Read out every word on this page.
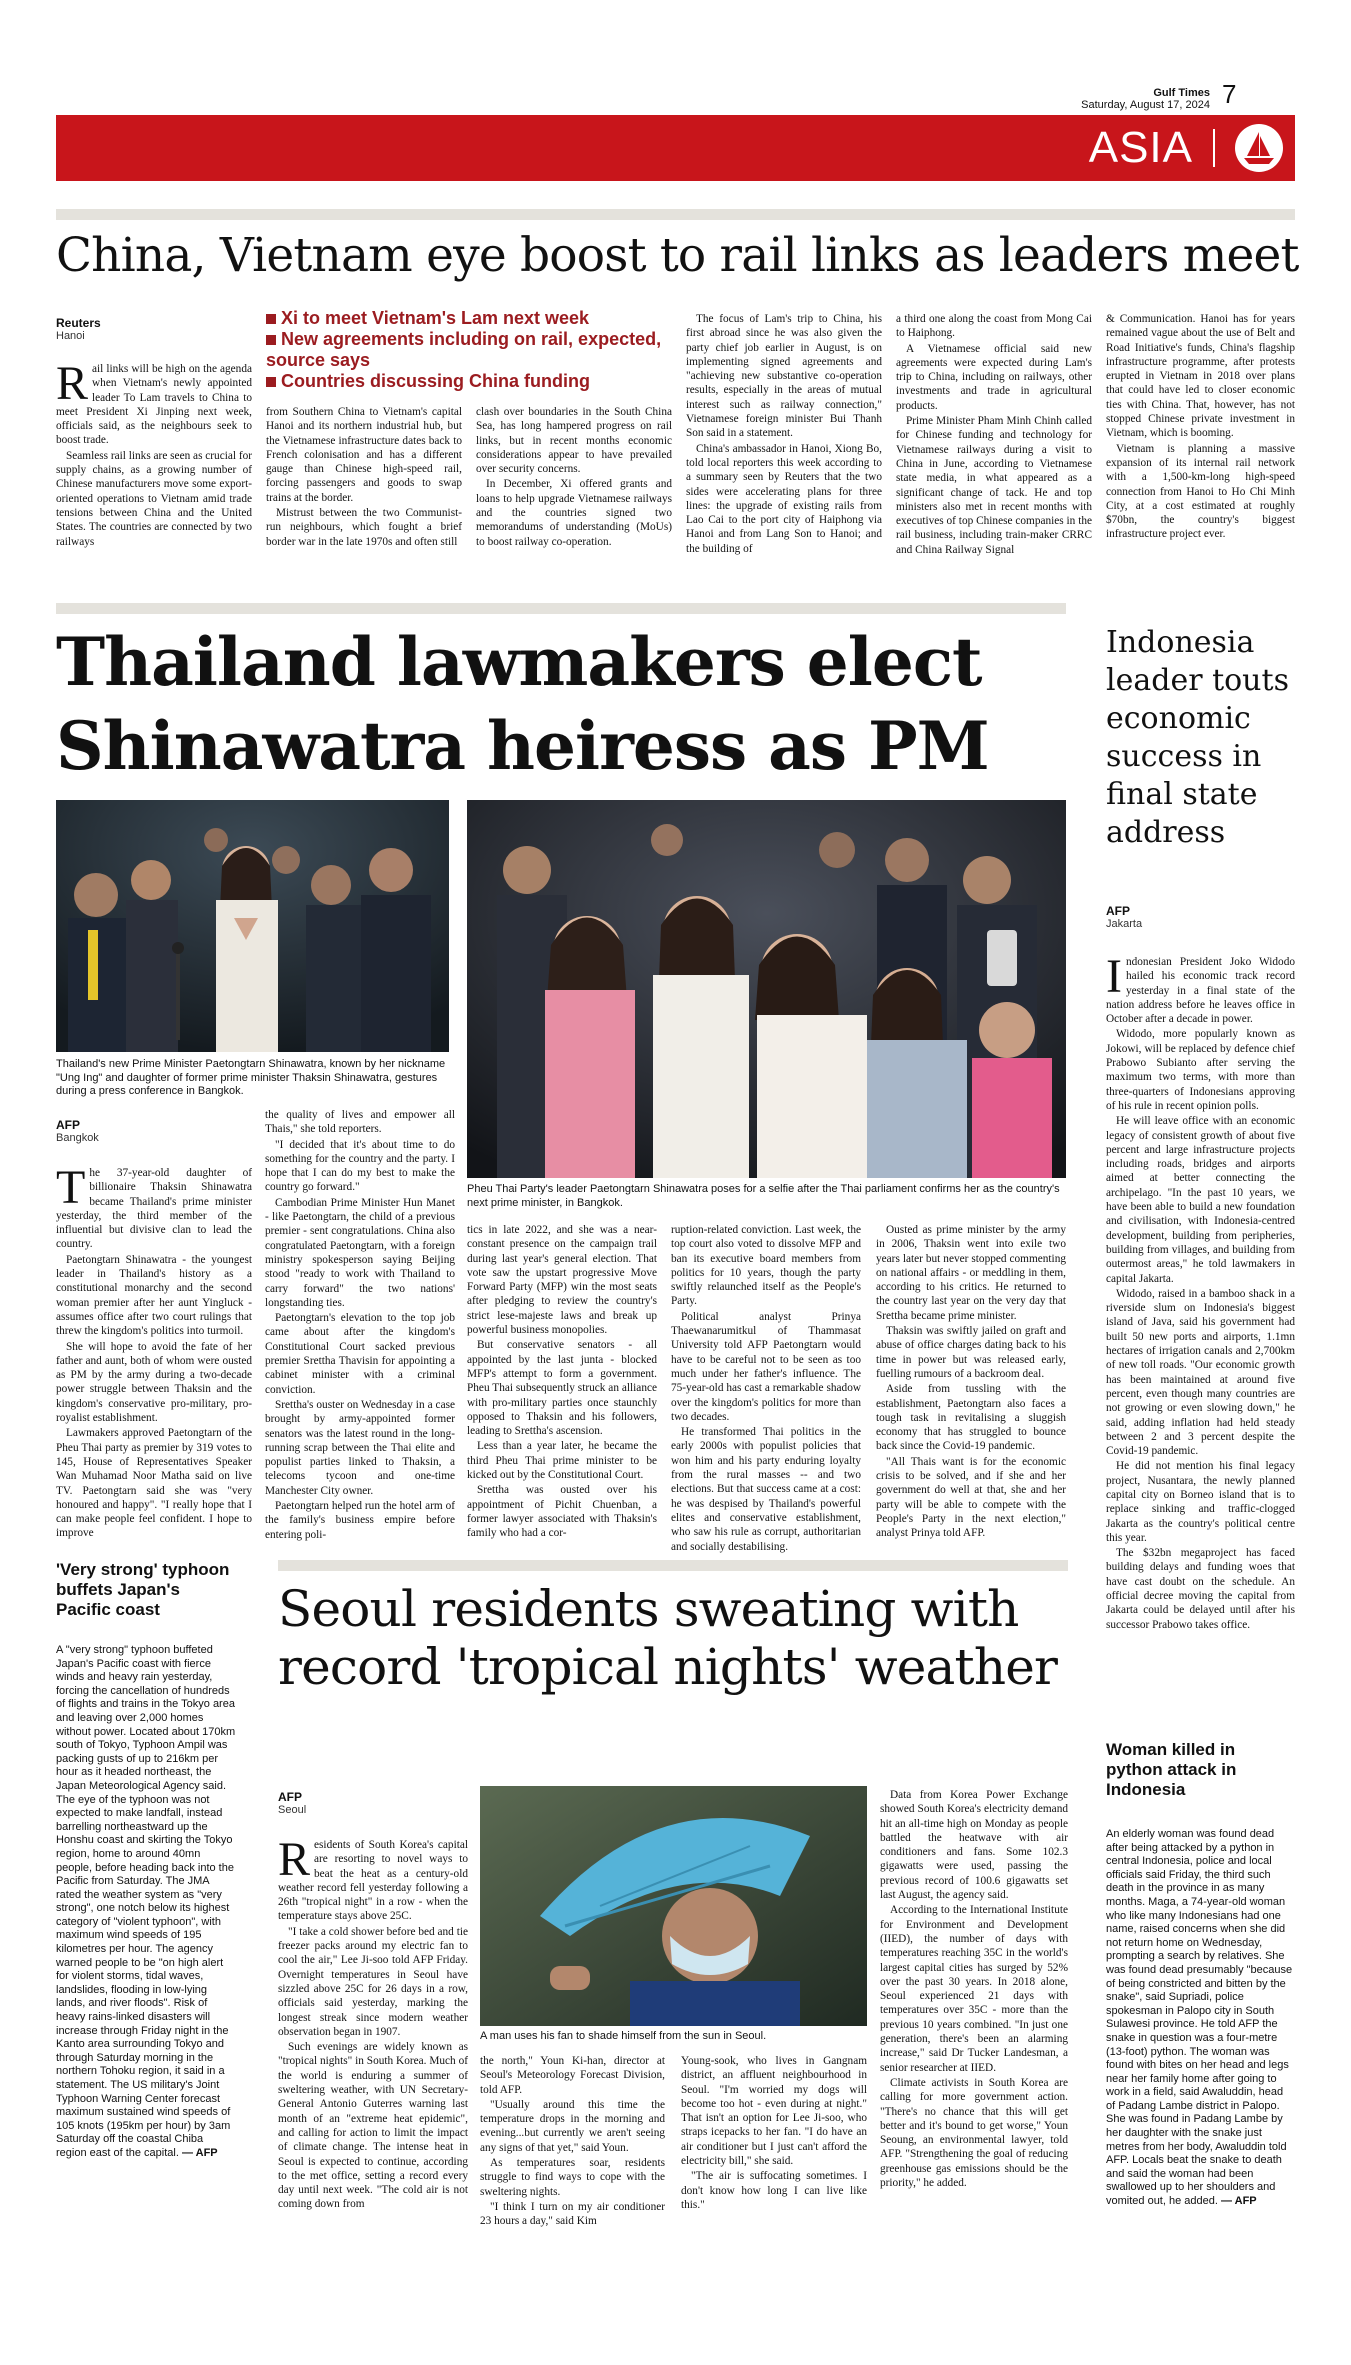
Gulf Times
Saturday, August 17, 2024 7
ASIA
China, Vietnam eye boost to rail links as leaders meet
Reuters
Hanoi
Xi to meet Vietnam's Lam next week
New agreements including on rail, expected, source says
Countries discussing China funding
R ail links will be high on the agenda when Vietnam's newly appointed leader To Lam travels to China to meet President Xi Jinping next week, officials said, as the neighbours seek to boost trade.

Seamless rail links are seen as crucial for supply chains, as a growing number of Chinese manufacturers move some export-oriented operations to Vietnam amid trade tensions between China and the United States. The countries are connected by two railways

from Southern China to Vietnam's capital Hanoi and its northern industrial hub, but the Vietnamese infrastructure dates back to French colonisation and has a different gauge than Chinese high-speed rail, forcing passengers and goods to swap trains at the border.

Mistrust between the two Communist-run neighbours, which fought a brief border war in the late 1970s and often still

clash over boundaries in the South China Sea, has long hampered progress on rail links, but in recent months economic considerations appear to have prevailed over security concerns.

In December, Xi offered grants and loans to help upgrade Vietnamese railways and the countries signed two memorandums of understanding (MoUs) to boost railway co-operation.

The focus of Lam's trip to China, his first abroad since he was also given the party chief job earlier in August, is on implementing signed agreements and "achieving new substantive co-operation results, especially in the areas of mutual interest such as railway connection," Vietnamese foreign minister Bui Thanh Son said in a statement.

China's ambassador in Hanoi, Xiong Bo, told local reporters this week according to a summary seen by Reuters that the two sides were accelerating plans for three lines: the upgrade of existing rails from Lao Cai to the port city of Haiphong via Hanoi and from Lang Son to Hanoi; and the building of

a third one along the coast from Mong Cai to Haiphong.

A Vietnamese official said new agreements were expected during Lam's trip to China, including on railways, other investments and trade in agricultural products.

Prime Minister Pham Minh Chinh called for Chinese funding and technology for Vietnamese railways during a visit to China in June, according to Vietnamese state media, in what appeared as a significant change of tack. He and top ministers also met in recent months with executives of top Chinese companies in the rail business, including train-maker CRRC and China Railway Signal

& Communication. Hanoi has for years remained vague about the use of Belt and Road Initiative's funds, China's flagship infrastructure programme, after protests erupted in Vietnam in 2018 over plans that could have led to closer economic ties with China. That, however, has not stopped Chinese private investment in Vietnam, which is booming.

Vietnam is planning a massive expansion of its internal rail network with a 1,500-km-long high-speed connection from Hanoi to Ho Chi Minh City, at a cost estimated at roughly $70bn, the country's biggest infrastructure project ever.

Thailand lawmakers elect
Shinawatra heiress as PM
Thailand's new Prime Minister Paetongtarn Shinawatra, known by her nickname "Ung Ing" and daughter of former prime minister Thaksin Shinawatra, gestures during a press conference in Bangkok.
Pheu Thai Party's leader Paetongtarn Shinawatra poses for a selfie after the Thai parliament confirms her as the country's next prime minister, in Bangkok.
AFP
Bangkok
T he 37-year-old daughter of billionaire Thaksin Shinawatra became Thailand's prime minister yesterday, the third member of the influential but divisive clan to lead the country.

Paetongtarn Shinawatra - the youngest leader in Thailand's history as a constitutional monarchy and the second woman premier after her aunt Yingluck - assumes office after two court rulings that threw the kingdom's politics into turmoil.

She will hope to avoid the fate of her father and aunt, both of whom were ousted as PM by the army during a two-decade power struggle between Thaksin and the kingdom's conservative pro-military, pro-royalist establishment.

Lawmakers approved Paetongtarn of the Pheu Thai party as premier by 319 votes to 145, House of Representatives Speaker Wan Muhamad Noor Matha said on live TV. Paetongtarn said she was "very honoured and happy". "I really hope that I can make people feel confident. I hope to improve

the quality of lives and empower all Thais," she told reporters.

"I decided that it's about time to do something for the country and the party. I hope that I can do my best to make the country go forward."

Cambodian Prime Minister Hun Manet - like Paetongtarn, the child of a previous premier - sent congratulations. China also congratulated Paetongtarn, with a foreign ministry spokesperson saying Beijing stood "ready to work with Thailand to carry forward" the two nations' longstanding ties.

Paetongtarn's elevation to the top job came about after the kingdom's Constitutional Court sacked previous premier Srettha Thavisin for appointing a cabinet minister with a criminal conviction.

Srettha's ouster on Wednesday in a case brought by army-appointed former senators was the latest round in the long-running scrap between the Thai elite and populist parties linked to Thaksin, a telecoms tycoon and one-time Manchester City owner.

Paetongtarn helped run the hotel arm of the family's business empire before entering poli-

tics in late 2022, and she was a near-constant presence on the campaign trail during last year's general election. That vote saw the upstart progressive Move Forward Party (MFP) win the most seats after pledging to review the country's strict lese-majeste laws and break up powerful business monopolies.

But conservative senators - all appointed by the last junta - blocked MFP's attempt to form a government. Pheu Thai subsequently struck an alliance with pro-military parties once staunchly opposed to Thaksin and his followers, leading to Srettha's ascension.

Less than a year later, he became the third Pheu Thai prime minister to be kicked out by the Constitutional Court.

Srettha was ousted over his appointment of Pichit Chuenban, a former lawyer associated with Thaksin's family who had a cor-

ruption-related conviction. Last week, the top court also voted to dissolve MFP and ban its executive board members from politics for 10 years, though the party swiftly relaunched itself as the People's Party.

Political analyst Prinya Thaewanarumitkul of Thammasat University told AFP Paetongtarn would have to be careful not to be seen as too much under her father's influence. The 75-year-old has cast a remarkable shadow over the kingdom's politics for more than two decades.

He transformed Thai politics in the early 2000s with populist policies that won him and his party enduring loyalty from the rural masses -- and two elections. But that success came at a cost: he was despised by Thailand's powerful elites and conservative establishment, who saw his rule as corrupt, authoritarian and socially destabilising.

Ousted as prime minister by the army in 2006, Thaksin went into exile two years later but never stopped commenting on national affairs - or meddling in them, according to his critics. He returned to the country last year on the very day that Srettha became prime minister.

Thaksin was swiftly jailed on graft and abuse of office charges dating back to his time in power but was released early, fuelling rumours of a backroom deal.

Aside from tussling with the establishment, Paetongtarn also faces a tough task in revitalising a sluggish economy that has struggled to bounce back since the Covid-19 pandemic.

"All Thais want is for the economic crisis to be solved, and if she and her government do well at that, she and her party will be able to compete with the People's Party in the next election," analyst Prinya told AFP.

Indonesia leader touts economic success in final state address
AFP
Jakarta
I ndonesian President Joko Widodo hailed his economic track record yesterday in a final state of the nation address before he leaves office in October after a decade in power.

Widodo, more popularly known as Jokowi, will be replaced by defence chief Prabowo Subianto after serving the maximum two terms, with more than three-quarters of Indonesians approving of his rule in recent opinion polls.

He will leave office with an economic legacy of consistent growth of about five percent and large infrastructure projects including roads, bridges and airports aimed at better connecting the archipelago. "In the past 10 years, we have been able to build a new foundation and civilisation, with Indonesia-centred development, building from peripheries, building from villages, and building from outermost areas," he told lawmakers in capital Jakarta.

Widodo, raised in a bamboo shack in a riverside slum on Indonesia's biggest island of Java, said his government had built 50 new ports and airports, 1.1mn hectares of irrigation canals and 2,700km of new toll roads. "Our economic growth has been maintained at around five percent, even though many countries are not growing or even slowing down," he said, adding inflation had held steady between 2 and 3 percent despite the Covid-19 pandemic.

He did not mention his final legacy project, Nusantara, the newly planned capital city on Borneo island that is to replace sinking and traffic-clogged Jakarta as the country's political centre this year.

The $32bn megaproject has faced building delays and funding woes that have cast doubt on the schedule. An official decree moving the capital from Jakarta could be delayed until after his successor Prabowo takes office.

'Very strong' typhoon buffets Japan's Pacific coast

A "very strong" typhoon buffeted Japan's Pacific coast with fierce winds and heavy rain yesterday, forcing the cancellation of hundreds of flights and trains in the Tokyo area and leaving over 2,000 homes without power. Located about 170km south of Tokyo, Typhoon Ampil was packing gusts of up to 216km per hour as it headed northeast, the Japan Meteorological Agency said. The eye of the typhoon was not expected to make landfall, instead barrelling northeastward up the Honshu coast and skirting the Tokyo region, home to around 40mn people, before heading back into the Pacific from Saturday. The JMA rated the weather system as "very strong", one notch below its highest category of "violent typhoon", with maximum wind speeds of 195 kilometres per hour. The agency warned people to be "on high alert for violent storms, tidal waves, landslides, flooding in low-lying lands, and river floods". Risk of heavy rains-linked disasters will increase through Friday night in the Kanto area surrounding Tokyo and through Saturday morning in the northern Tohoku region, it said in a statement. The US military's Joint Typhoon Warning Center forecast maximum sustained wind speeds of 105 knots (195km per hour) by 3am Saturday off the coastal Chiba region east of the capital. — AFP

Seoul residents sweating with
record 'tropical nights' weather
AFP
Seoul
A man uses his fan to shade himself from the sun in Seoul.
R esidents of South Korea's capital are resorting to novel ways to beat the heat as a century-old weather record fell yesterday following a 26th "tropical night" in a row - when the temperature stays above 25C.

"I take a cold shower before bed and tie freezer packs around my electric fan to cool the air," Lee Ji-soo told AFP Friday. Overnight temperatures in Seoul have sizzled above 25C for 26 days in a row, officials said yesterday, marking the longest streak since modern weather observation began in 1907.

Such evenings are widely known as "tropical nights" in South Korea. Much of the world is enduring a summer of sweltering weather, with UN Secretary-General Antonio Guterres warning last month of an "extreme heat epidemic", and calling for action to limit the impact of climate change. The intense heat in Seoul is expected to continue, according to the met office, setting a record every day until next week. "The cold air is not coming down from

the north," Youn Ki-han, director at Seoul's Meteorology Forecast Division, told AFP.

"Usually around this time the temperature drops in the morning and evening...but currently we aren't seeing any signs of that yet," said Youn.

As temperatures soar, residents struggle to find ways to cope with the sweltering nights.

"I think I turn on my air conditioner 23 hours a day," said Kim

Young-sook, who lives in Gangnam district, an affluent neighbourhood in Seoul. "I'm worried my dogs will become too hot - even during at night." That isn't an option for Lee Ji-soo, who straps icepacks to her fan. "I do have an air conditioner but I just can't afford the electricity bill," she said.

"The air is suffocating sometimes. I don't know how long I can live like this."

Data from Korea Power Exchange showed South Korea's electricity demand hit an all-time high on Monday as people battled the heatwave with air conditioners and fans. Some 102.3 gigawatts were used, passing the previous record of 100.6 gigawatts set last August, the agency said.

According to the International Institute for Environment and Development (IIED), the number of days with temperatures reaching 35C in the world's largest capital cities has surged by 52% over the past 30 years. In 2018 alone, Seoul experienced 21 days with temperatures over 35C - more than the previous 10 years combined. "In just one generation, there's been an alarming increase," said Dr Tucker Landesman, a senior researcher at IIED.

Climate activists in South Korea are calling for more government action. "There's no chance that this will get better and it's bound to get worse," Youn Seoung, an environmental lawyer, told AFP. "Strengthening the goal of reducing greenhouse gas emissions should be the priority," he added.

Woman killed in python attack in Indonesia

An elderly woman was found dead after being attacked by a python in central Indonesia, police and local officials said Friday, the third such death in the province in as many months. Maga, a 74-year-old woman who like many Indonesians had one name, raised concerns when she did not return home on Wednesday, prompting a search by relatives. She was found dead presumably "because of being constricted and bitten by the snake", said Supriadi, police spokesman in Palopo city in South Sulawesi province. He told AFP the snake in question was a four-metre (13-foot) python. The woman was found with bites on her head and legs near her family home after going to work in a field, said Awaluddin, head of Padang Lambe district in Palopo. She was found in Padang Lambe by her daughter with the snake just metres from her body, Awaluddin told AFP. Locals beat the snake to death and said the woman had been swallowed up to her shoulders and vomited out, he added. — AFP
